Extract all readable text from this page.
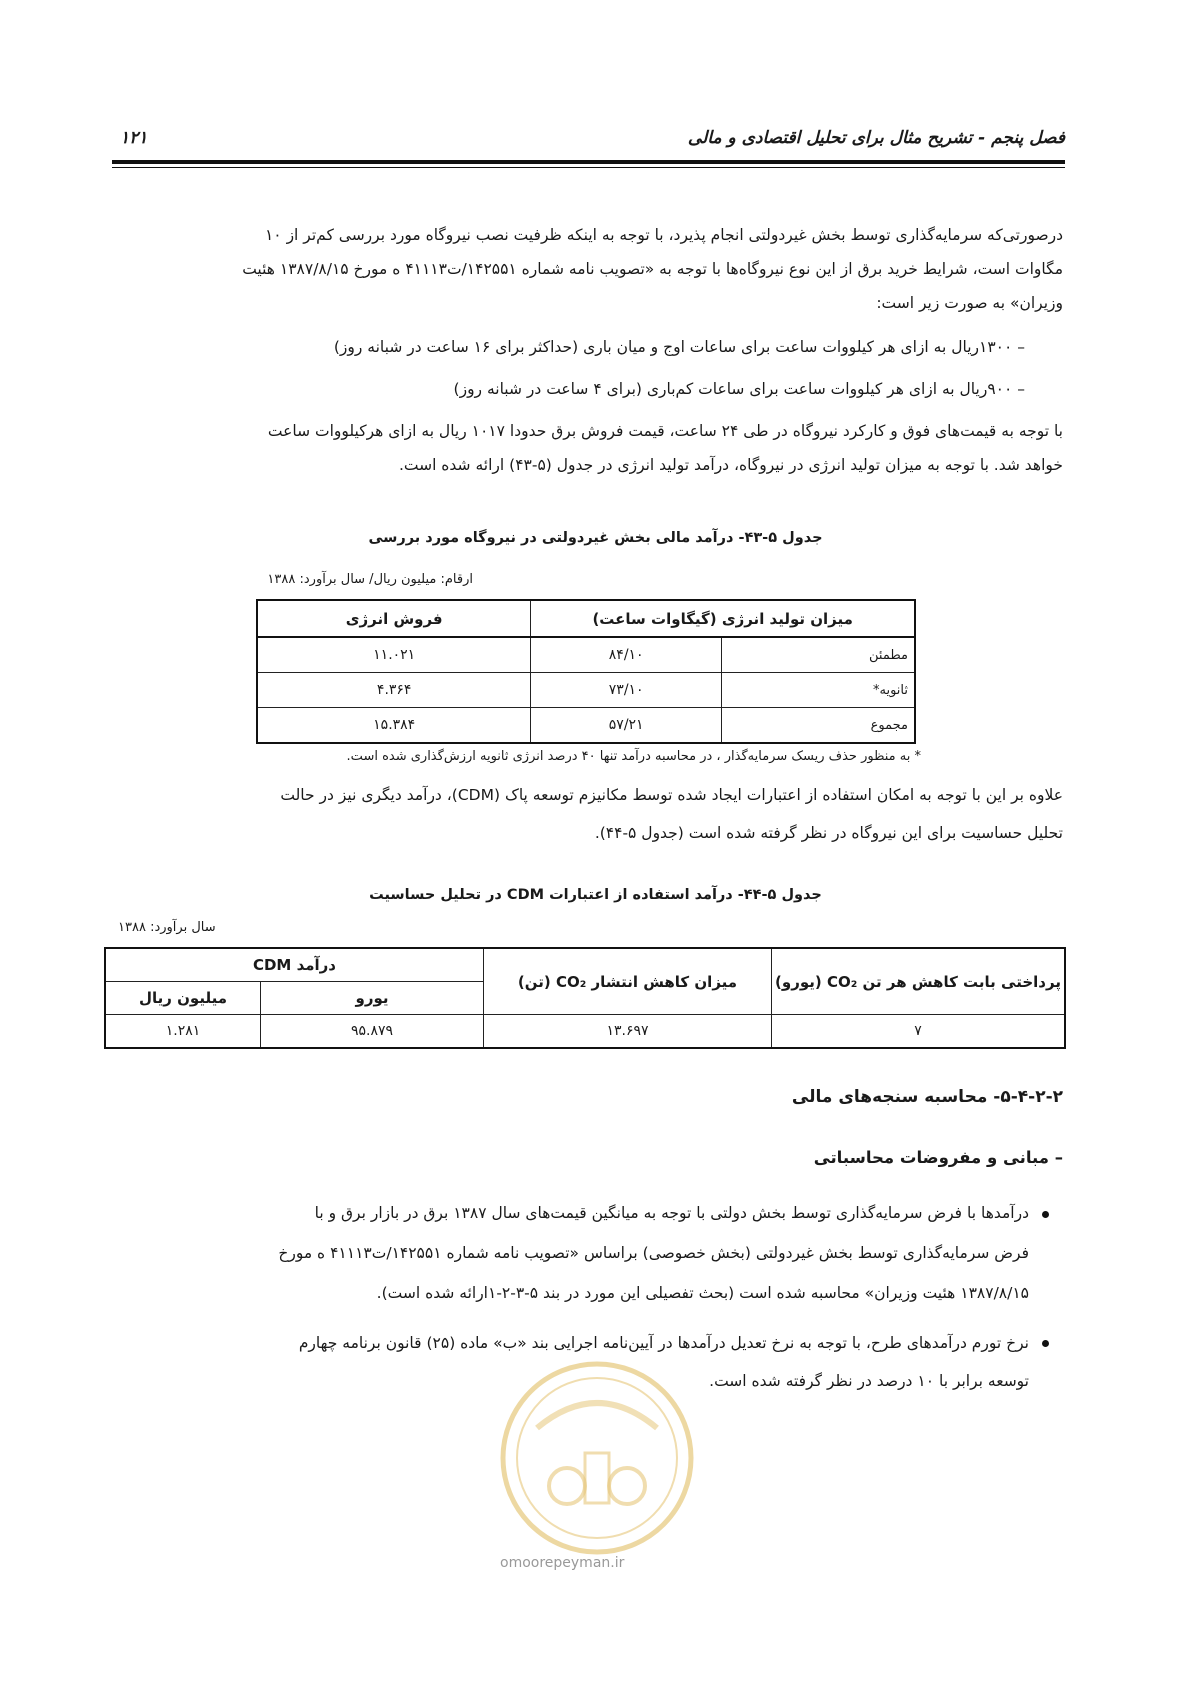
فصل پنجم - تشریح مثال برای تحلیل اقتصادی و مالی
۱۲۱
درصورتی‌که سرمایه‌گذاری توسط بخش غیردولتی انجام پذیرد، با توجه به اینکه ظرفیت نصب نیروگاه مورد بررسی کم‌تر از ۱۰
مگاوات است، شرایط خرید برق از این نوع نیروگاه‌ها با توجه به «تصویب نامه شماره ۱۴۲۵۵۱/ت۴۱۱۱۳ ه مورخ ۱۳۸۷/۸/۱۵ هئیت
وزیران» به صورت زیر است:
– ۱۳۰۰ریال به ازای هر کیلووات ساعت برای ساعات اوج و میان باری (حداکثر برای ۱۶ ساعت در شبانه روز)
– ۹۰۰ریال به ازای هر کیلووات ساعت برای ساعات کم‌باری (برای ۴ ساعت در شبانه روز)
با توجه به قیمت‌های فوق و کارکرد نیروگاه در طی ۲۴ ساعت، قیمت فروش برق حدودا ۱۰۱۷ ریال به ازای هرکیلووات ساعت
خواهد شد. با توجه به میزان تولید انرژی در نیروگاه، درآمد تولید انرژی در جدول (۵-۴۳) ارائه شده است.
جدول ۵-۴۳- درآمد مالی بخش غیردولتی در نیروگاه مورد بررسی
ارقام: میلیون ریال/ سال برآورد: ۱۳۸۸
میزان تولید انرژی (گیگاوات ساعت)		فروش انرژی
مطمئن	۸۴/۱۰	۱۱.۰۲۱
ثانویه*	۷۳/۱۰	۴.۳۶۴
مجموع	۵۷/۲۱	۱۵.۳۸۴
* به منظور حذف ریسک سرمایه‌گذار ، در محاسبه درآمد تنها ۴۰ درصد انرژی ثانویه ارزش‌گذاری شده است.
علاوه بر این با توجه به امکان استفاده از اعتبارات ایجاد شده توسط مکانیزم توسعه پاک (CDM)، درآمد دیگری نیز در حالت
تحلیل حساسیت برای این نیروگاه در نظر گرفته شده است (جدول ۵-۴۴).
جدول ۵-۴۴- درآمد استفاده از اعتبارات CDM در تحلیل حساسیت
سال برآورد: ۱۳۸۸
پرداختی بابت کاهش هر تن CO₂ (یورو)	میزان کاهش انتشار CO₂ (تن)	درآمد CDM	
		یورو	میلیون ریال
۷	۱۳.۶۹۷	۹۵.۸۷۹	۱.۲۸۱
۵-۴-۲-۲- محاسبه سنجه‌های مالی
– مبانی و مفروضات محاسباتی
درآمدها با فرض سرمایه‌گذاری توسط بخش دولتی با توجه به میانگین قیمت‌های سال ۱۳۸۷ برق در بازار برق و با
فرض سرمایه‌گذاری توسط بخش غیردولتی (بخش خصوصی) براساس «تصویب نامه شماره ۱۴۲۵۵۱/ت۴۱۱۱۳ ه مورخ
۱۳۸۷/۸/۱۵ هئیت وزیران» محاسبه شده است (بحث تفصیلی این مورد در بند ۵-۳-۲-۱ارائه شده است).
نرخ تورم درآمدهای طرح، با توجه به نرخ تعدیل درآمدها در آیین‌نامه اجرایی بند «ب» ماده (۲۵) قانون برنامه چهارم
توسعه برابر با ۱۰ درصد در نظر گرفته شده است.
omoorepeyman.ir
